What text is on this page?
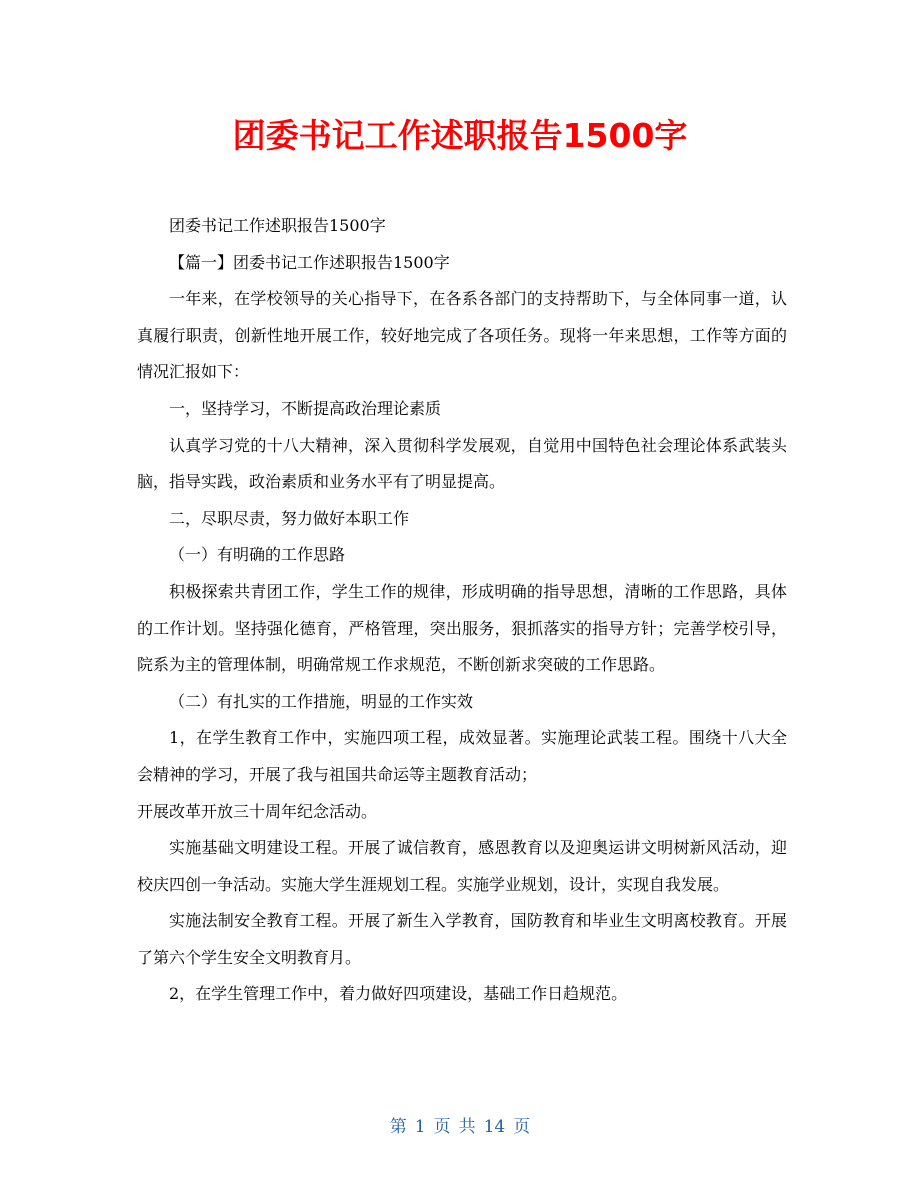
团委书记工作述职报告1500字

团委书记工作述职报告1500字

【篇一】团委书记工作述职报告1500字

一年来，在学校领导的关心指导下，在各系各部门的支持帮助下，与全体同事一道，认真履行职责，创新性地开展工作，较好地完成了各项任务。现将一年来思想，工作等方面的情况汇报如下：

一，坚持学习，不断提高政治理论素质

认真学习党的十八大精神，深入贯彻科学发展观，自觉用中国特色社会理论体系武装头脑，指导实践，政治素质和业务水平有了明显提高。

二，尽职尽责，努力做好本职工作

（一）有明确的工作思路

积极探索共青团工作，学生工作的规律，形成明确的指导思想，清晰的工作思路，具体的工作计划。坚持强化德育，严格管理，突出服务，狠抓落实的指导方针；完善学校引导，院系为主的管理体制，明确常规工作求规范，不断创新求突破的工作思路。

（二）有扎实的工作措施，明显的工作实效

1，在学生教育工作中，实施四项工程，成效显著。实施理论武装工程。围绕十八大全会精神的学习，开展了我与祖国共命运等主题教育活动；

开展改革开放三十周年纪念活动。

实施基础文明建设工程。开展了诚信教育，感恩教育以及迎奥运讲文明树新风活动，迎校庆四创一争活动。实施大学生涯规划工程。实施学业规划，设计，实现自我发展。

实施法制安全教育工程。开展了新生入学教育，国防教育和毕业生文明离校教育。开展了第六个学生安全文明教育月。

2，在学生管理工作中，着力做好四项建设，基础工作日趋规范。

第 1 页 共 14 页
